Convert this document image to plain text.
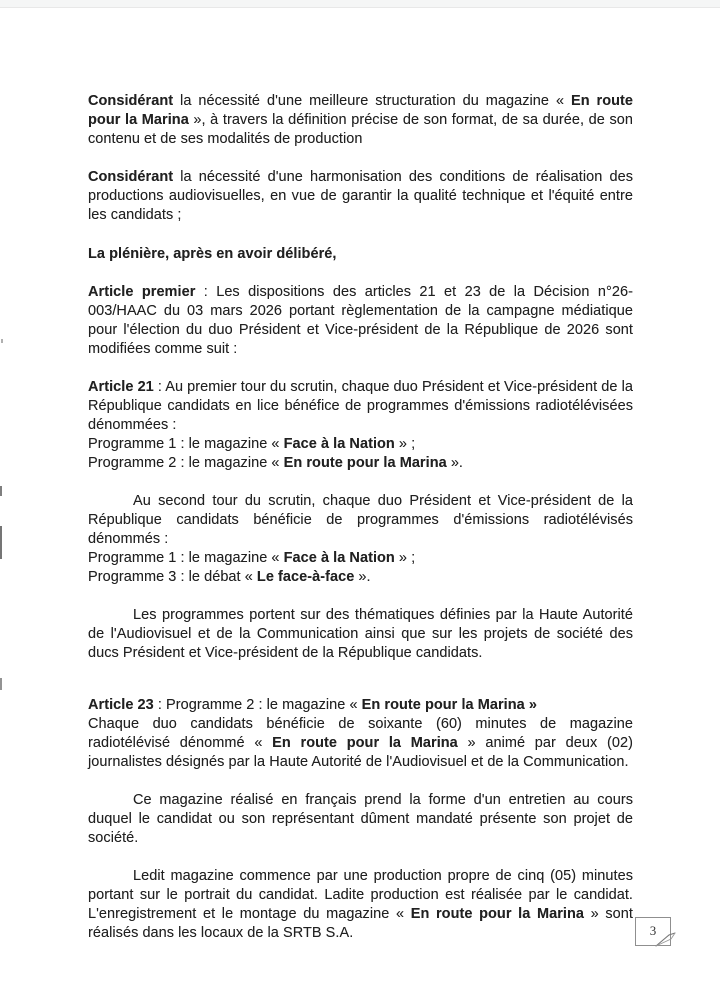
Considérant la nécessité d'une meilleure structuration du magazine « En route pour la Marina », à travers la définition précise de son format, de sa durée, de son contenu et de ses modalités de production

Considérant la nécessité d'une harmonisation des conditions de réalisation des productions audiovisuelles, en vue de garantir la qualité technique et l'équité entre les candidats ;

La plénière, après en avoir délibéré,

Article premier : Les dispositions des articles 21 et 23 de la Décision n°26-003/HAAC du 03 mars 2026 portant règlementation de la campagne médiatique pour l'élection du duo Président et Vice-président de la République de 2026 sont modifiées comme suit :

Article 21 : Au premier tour du scrutin, chaque duo Président et Vice-président de la République candidats en lice bénéfice de programmes d'émissions radiotélévisées dénommées :

Programme 1 : le magazine « Face à la Nation » ;

Programme 2 : le magazine « En route pour la Marina ».

Au second tour du scrutin, chaque duo Président et Vice-président de la République candidats bénéficie de programmes d'émissions radiotélévisés dénommés :

Programme 1 : le magazine « Face à la Nation » ;

Programme 3 : le débat « Le face-à-face ».

Les programmes portent sur des thématiques définies par la Haute Autorité de l'Audiovisuel et de la Communication ainsi que sur les projets de société des ducs Président et Vice-président de la République candidats.

Article 23 : Programme 2 : le magazine « En route pour la Marina »

Chaque duo candidats bénéficie de soixante (60) minutes de magazine radiotélévisé dénommé « En route pour la Marina » animé par deux (02) journalistes désignés par la Haute Autorité de l'Audiovisuel et de la Communication.

Ce magazine réalisé en français prend la forme d'un entretien au cours duquel le candidat ou son représentant dûment mandaté présente son projet de société.

Ledit magazine commence par une production propre de cinq (05) minutes portant sur le portrait du candidat. Ladite production est réalisée par le candidat. L'enregistrement et le montage du magazine « En route pour la Marina » sont réalisés dans les locaux de la SRTB S.A.	3
